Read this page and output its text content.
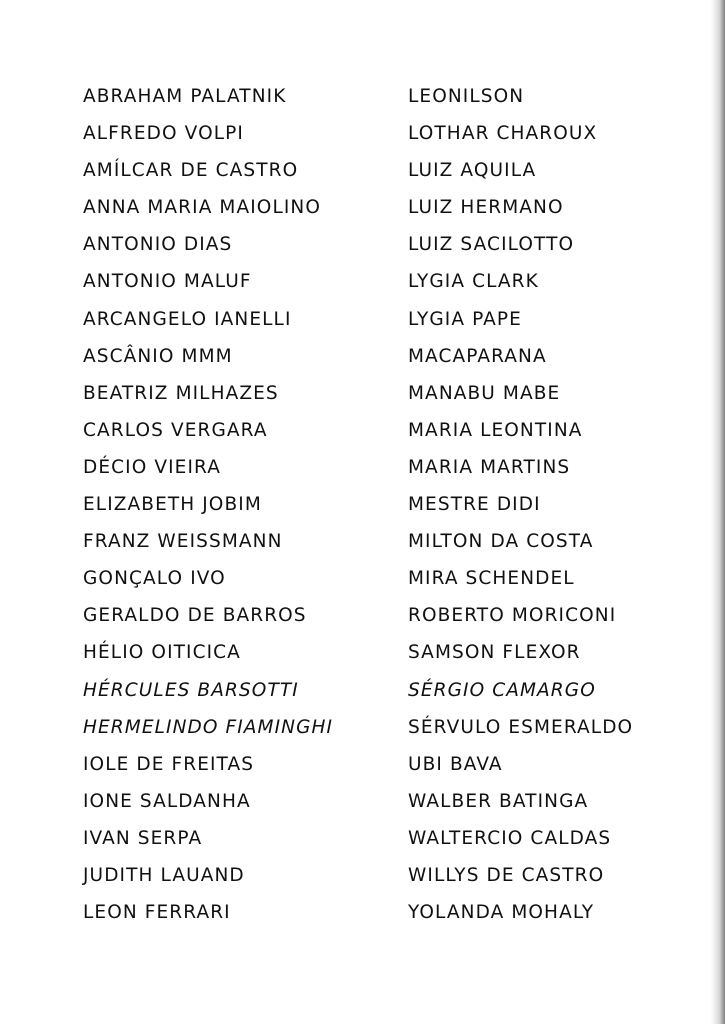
ABRAHAM PALATNIK
ALFREDO VOLPI
AMÍLCAR DE CASTRO
ANNA MARIA MAIOLINO
ANTONIO DIAS
ANTONIO MALUF
ARCANGELO IANELLI
ASCÂNIO MMM
BEATRIZ MILHAZES
CARLOS VERGARA
DÉCIO VIEIRA
ELIZABETH JOBIM
FRANZ WEISSMANN
GONÇALO IVO
GERALDO DE BARROS
HÉLIO OITICICA
HÉRCULES BARSOTTI
HERMELINDO FIAMINGHI
IOLE DE FREITAS
IONE SALDANHA
IVAN SERPA
JUDITH LAUAND
LEON FERRARI
LEONILSON
LOTHAR CHAROUX
LUIZ AQUILA
LUIZ HERMANO
LUIZ SACILOTTO
LYGIA CLARK
LYGIA PAPE
MACAPARANA
MANABU MABE
MARIA LEONTINA
MARIA MARTINS
MESTRE DIDI
MILTON DA COSTA
MIRA SCHENDEL
ROBERTO MORICONI
SAMSON FLEXOR
SÉRGIO CAMARGO
SÉRVULO ESMERALDO
UBI BAVA
WALBER BATINGA
WALTERCIO CALDAS
WILLYS DE CASTRO
YOLANDA MOHALY
